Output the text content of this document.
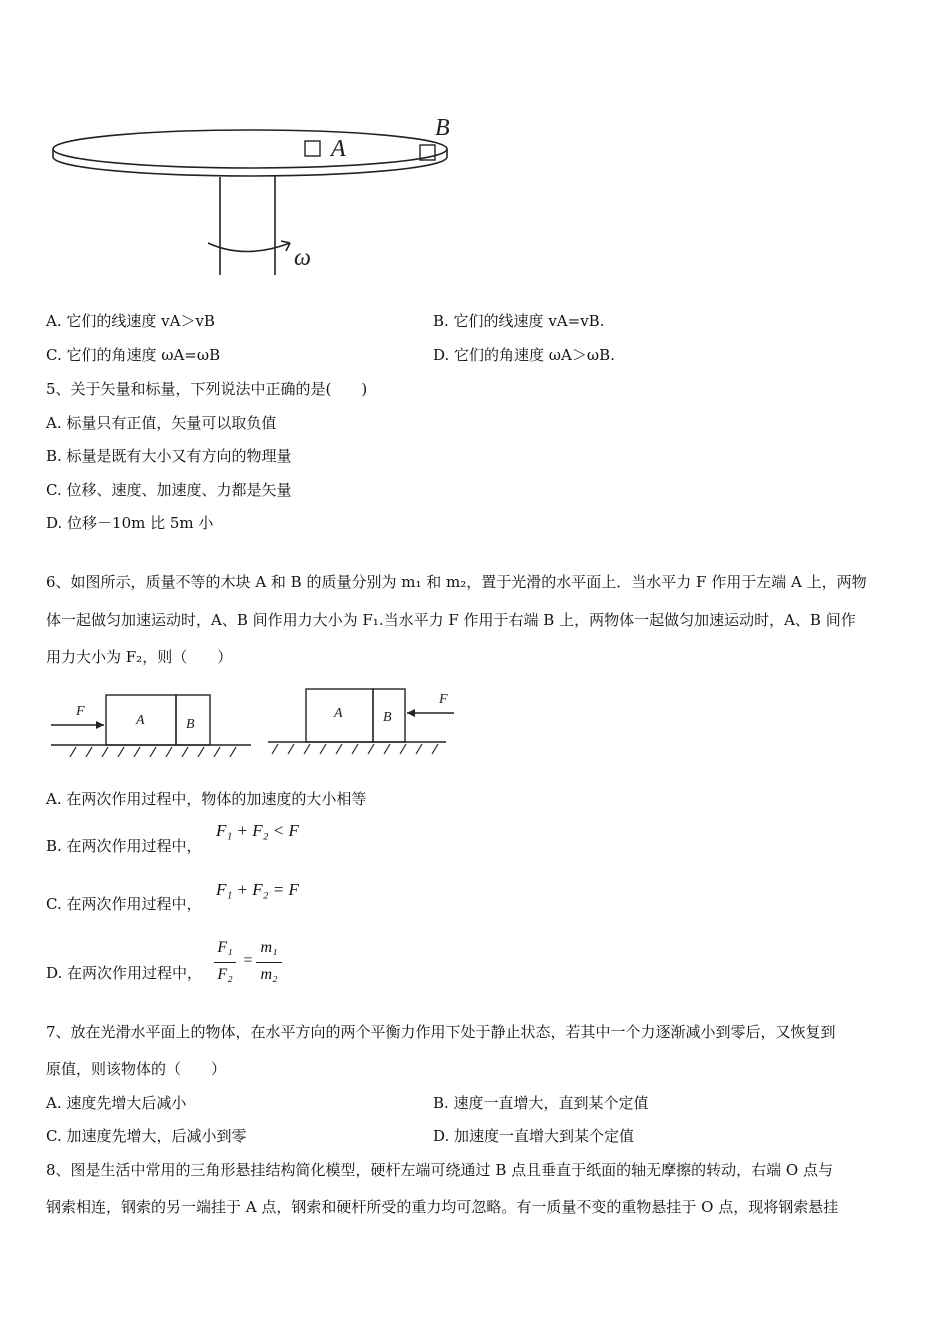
A
B
ω
A. 它们的线速度 vA＞vB	B. 它们的线速度 vA=vB.
C. 它们的角速度 ωA=ωB	D. 它们的角速度 ωA＞ωB.
5、关于矢量和标量，下列说法中正确的是(　　)
A. 标量只有正值，矢量可以取负值
B. 标量是既有大小又有方向的物理量
C. 位移、速度、加速度、力都是矢量
D. 位移－10m 比 5m 小
6、如图所示，质量不等的木块 A 和 B 的质量分别为 m₁ 和 m₂，置于光滑的水平面上．当水平力 F 作用于左端 A 上，两物
体一起做匀加速运动时，A、B 间作用力大小为 F₁.当水平力 F 作用于右端 B 上，两物体一起做匀加速运动时，A、B 间作
用力大小为 F₂，则（　　）
F
A	B
F
A	B
A. 在两次作用过程中，物体的加速度的大小相等
B. 在两次作用过程中，
F₁ + F₂ < F
C. 在两次作用过程中，
F₁ + F₂ = F
D. 在两次作用过程中，
F₁
F₂
=
m₁
m₂
7、放在光滑水平面上的物体，在水平方向的两个平衡力作用下处于静止状态，若其中一个力逐渐减小到零后，又恢复到
原值，则该物体的（　　）
A. 速度先增大后减小	B. 速度一直增大，直到某个定值
C. 加速度先增大，后减小到零	D. 加速度一直增大到某个定值
8、图是生活中常用的三角形悬挂结构简化模型，硬杆左端可绕通过 B 点且垂直于纸面的轴无摩擦的转动，右端 O 点与
钢索相连，钢索的另一端挂于 A 点，钢索和硬杆所受的重力均可忽略。有一质量不变的重物悬挂于 O 点，现将钢索悬挂
